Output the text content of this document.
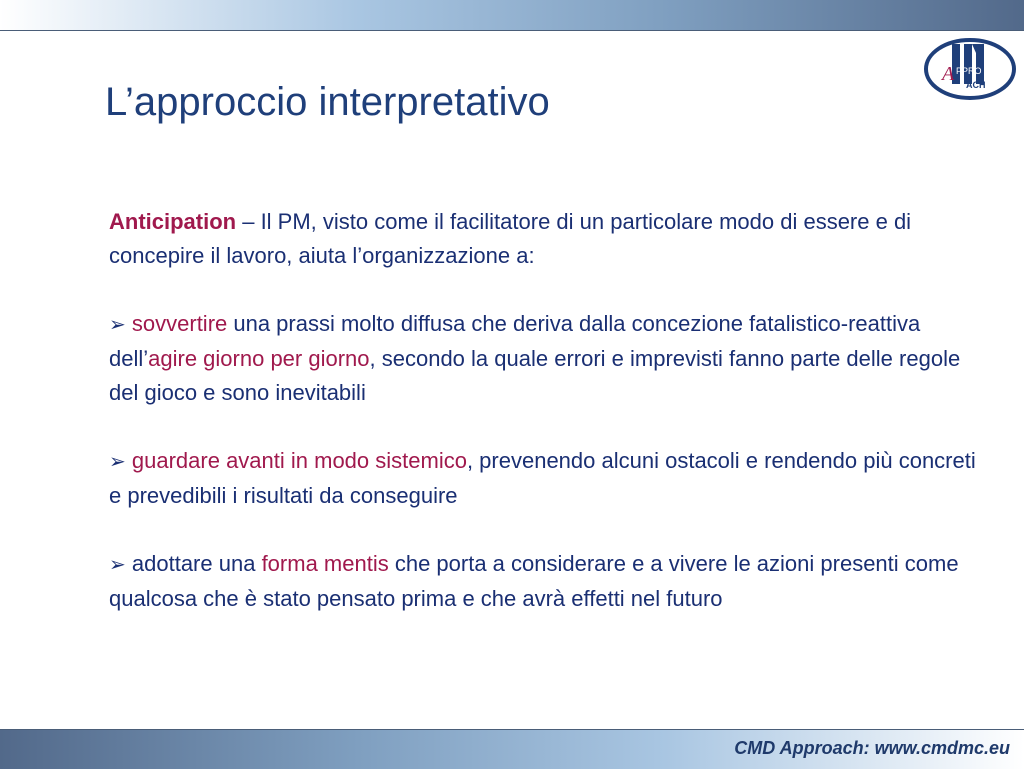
A PPRO
ACH
L’approccio interpretativo

Anticipation – Il PM, visto come il facilitatore di un particolare modo di essere e di concepire il lavoro, aiuta l’organizzazione a:

➢ sovvertire una prassi molto diffusa che deriva dalla concezione fatalistico-reattiva dell’agire giorno per giorno, secondo la quale errori e imprevisti fanno parte delle regole del gioco e sono inevitabili

➢ guardare avanti in modo sistemico, prevenendo alcuni ostacoli e rendendo più concreti e prevedibili i risultati da conseguire

➢ adottare una forma mentis che porta a considerare e a vivere le azioni presenti come qualcosa che è stato pensato prima e che avrà effetti nel futuro

CMD Approach: www.cmdmc.eu
